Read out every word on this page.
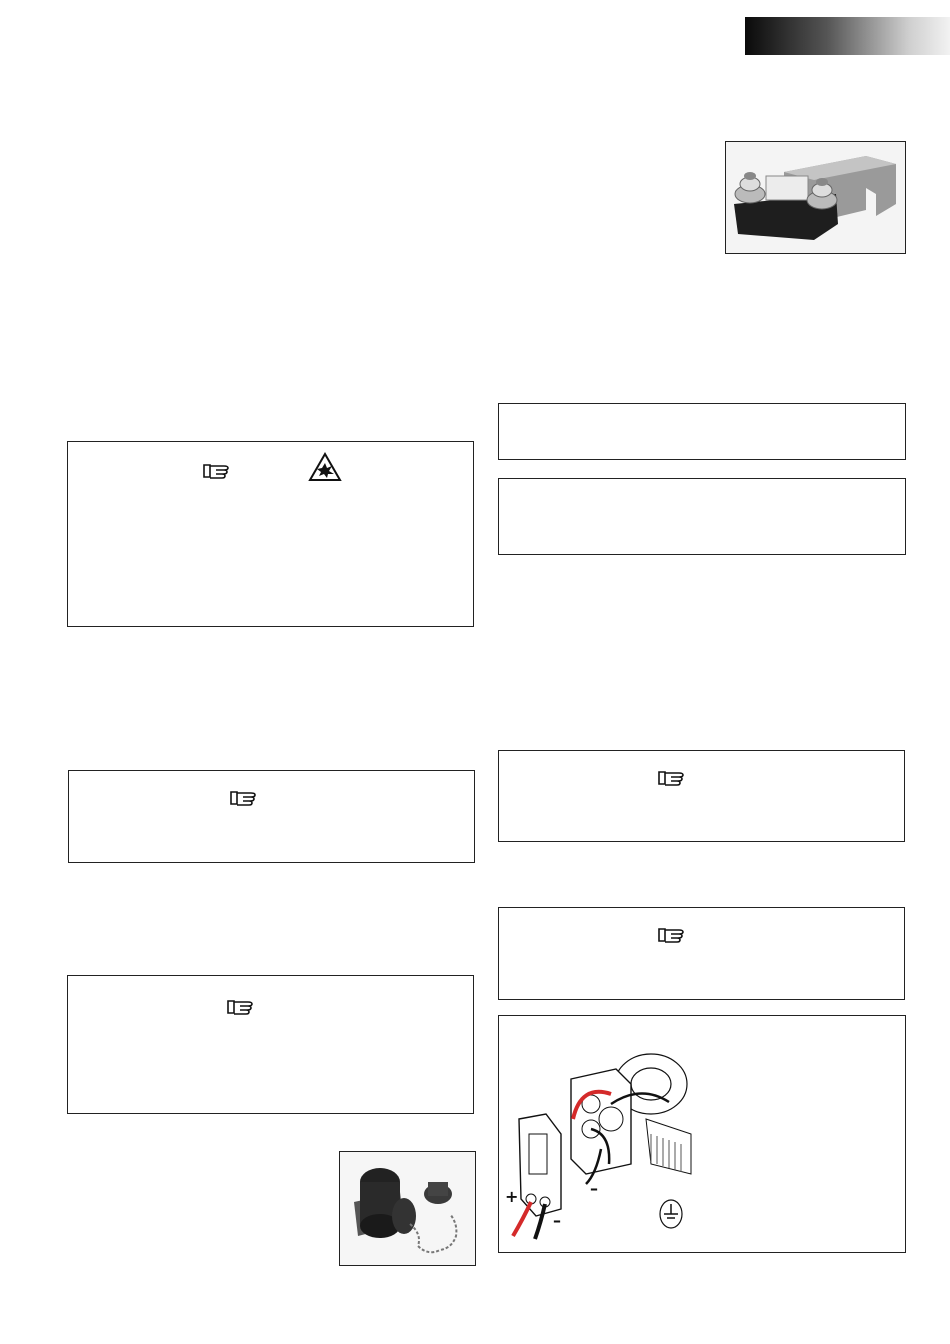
+
–
–
